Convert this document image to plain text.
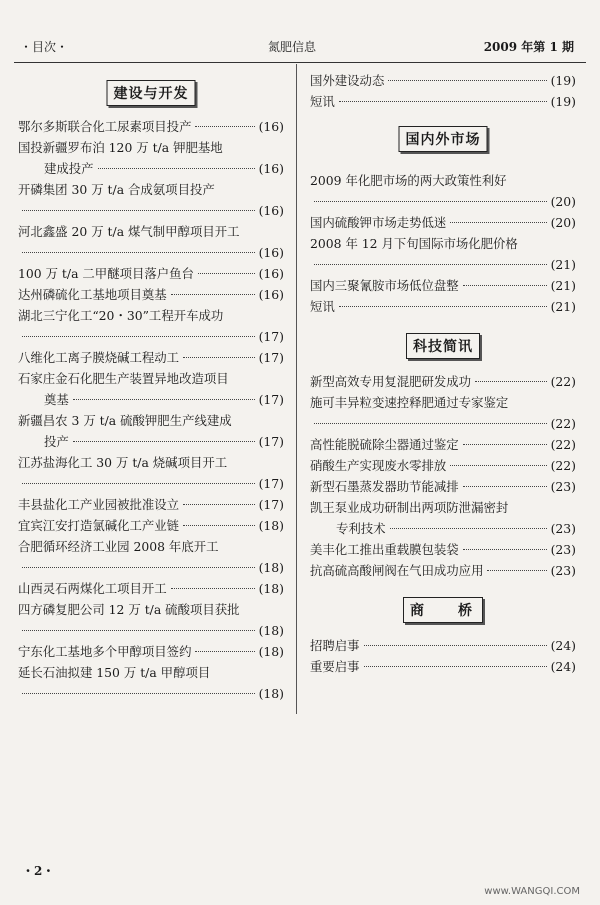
・目次・	氮肥信息	2009 年第 1 期
建设与开发
鄂尔多斯联合化工尿素项目投产	(16)
国投新疆罗布泊 120 万 t/a 钾肥基地
建成投产	(16)
开磷集团 30 万 t/a 合成氨项目投产
(16)
河北鑫盛 20 万 t/a 煤气制甲醇项目开工
(16)
100 万 t/a 二甲醚项目落户鱼台	(16)
达州磷硫化工基地项目奠基	(16)
湖北三宁化工“20・30”工程开车成功
(17)
八维化工离子膜烧碱工程动工	(17)
石家庄金石化肥生产装置异地改造项目
奠基	(17)
新疆昌农 3 万 t/a 硫酸钾肥生产线建成
投产	(17)
江苏盐海化工 30 万 t/a 烧碱项目开工
(17)
丰县盐化工产业园被批准设立	(17)
宜宾江安打造氯碱化工产业链	(18)
合肥循环经济工业园 2008 年底开工
(18)
山西灵石两煤化工项目开工	(18)
四方磷复肥公司 12 万 t/a 硫酸项目获批
(18)
宁东化工基地多个甲醇项目签约	(18)
延长石油拟建 150 万 t/a 甲醇项目
(18)
国外建设动态	(19)
短讯	(19)
国内外市场
2009 年化肥市场的两大政策性利好
(20)
国内硫酸钾市场走势低迷	(20)
2008 年 12 月下旬国际市场化肥价格
(21)
国内三聚氰胺市场低位盘整	(21)
短讯	(21)
科技简讯
新型高效专用复混肥研发成功	(22)
施可丰异粒变速控释肥通过专家鉴定
(22)
高性能脱硫除尘器通过鉴定	(22)
硝酸生产实现废水零排放	(22)
新型石墨蒸发器助节能减排	(23)
凯王泵业成功研制出两项防泄漏密封
专利技术	(23)
美丰化工推出重载膜包装袋	(23)
抗高硫高酸闸阀在气田成功应用	(23)
商　桥
招聘启事	(24)
重要启事	(24)
・2・
www.WANGQI.COM
